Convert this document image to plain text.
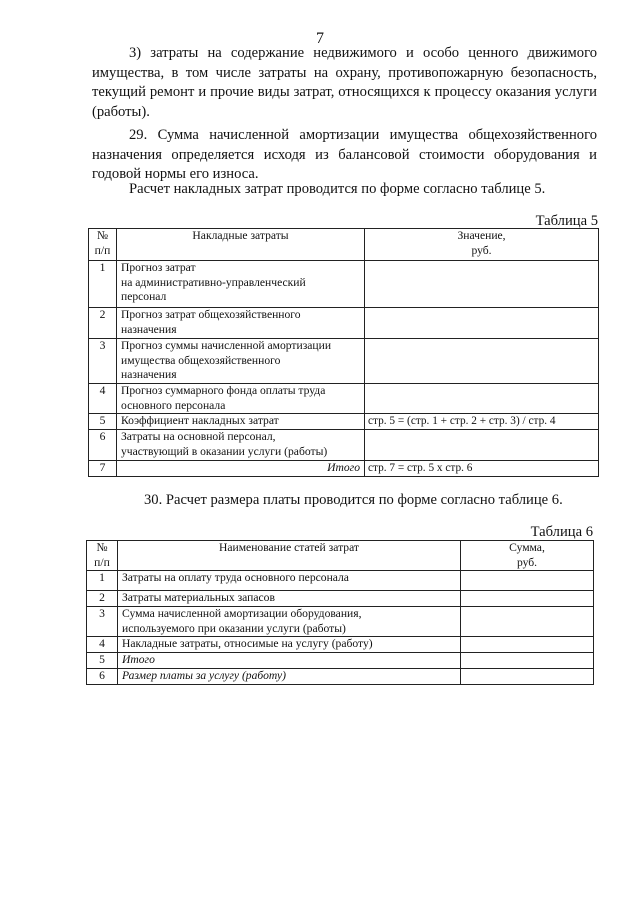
7

3) затраты на содержание недвижимого и особо ценного движимого имущества, в том числе затраты на охрану, противопожарную безопасность, текущий ремонт и прочие виды затрат, относящихся к процессу оказания услуги (работы).

29. Сумма начисленной амортизации имущества общехозяйственного назначения определяется исходя из балансовой стоимости оборудования и годовой нормы его износа.

Расчет накладных затрат проводится по форме согласно таблице 5.

Таблица 5
№
п/п	Накладные затраты	Значение,
руб.
1	Прогноз затрат
на административно-управленческий
персонал	
2	Прогноз затрат общехозяйственного
назначения	
3	Прогноз суммы начисленной амортизации
имущества общехозяйственного
назначения	
4	Прогноз суммарного фонда оплаты труда
основного персонала	
5	Коэффициент накладных затрат	стр. 5 = (стр. 1 + стр. 2 + стр. 3) / стр. 4
6	Затраты на основной персонал,
участвующий в оказании услуги (работы)	
7	Итого	стр. 7 = стр. 5 х стр. 6

30. Расчет размера платы проводится по форме согласно таблице 6.

Таблица 6
№
п/п	Наименование статей затрат	Сумма,
руб.
1	Затраты на оплату труда основного персонала	
2	Затраты материальных запасов	
3	Сумма начисленной амортизации оборудования,
используемого при оказании услуги (работы)	
4	Накладные затраты, относимые на услугу (работу)	
5	Итого	
6	Размер платы за услугу (работу)	
